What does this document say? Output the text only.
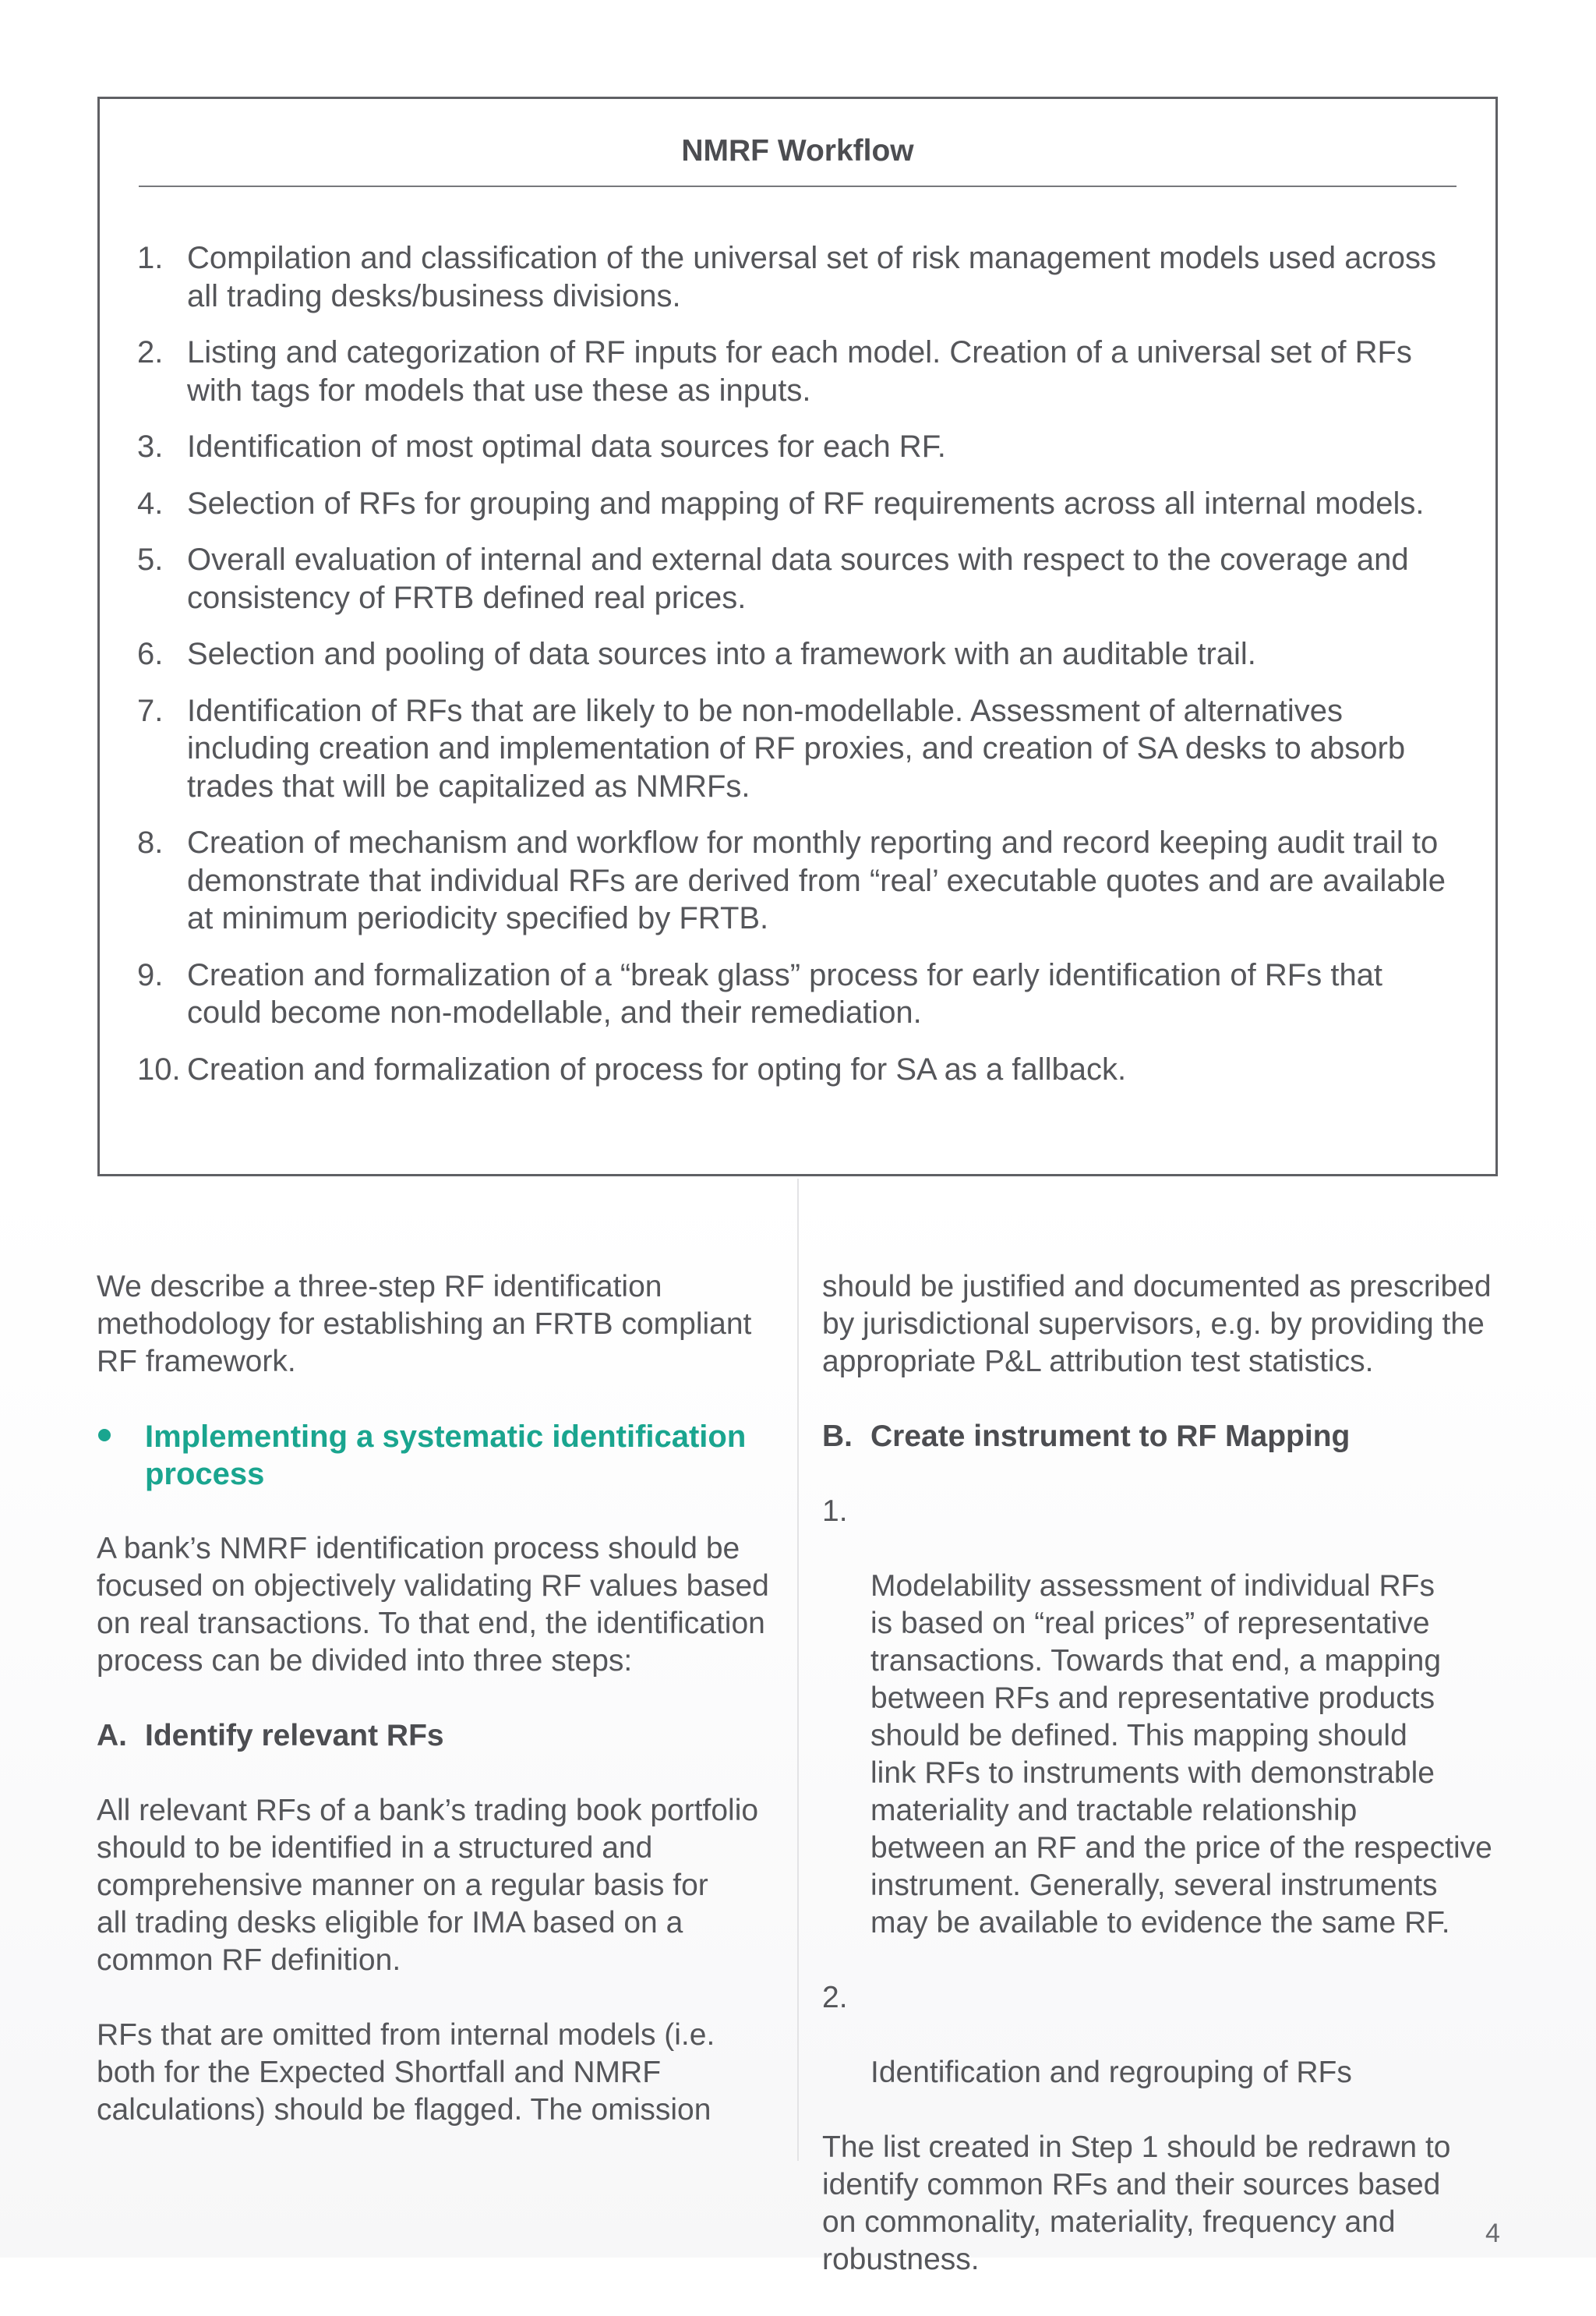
NMRF Workflow
1. Compilation and classification of the universal set of risk management models used across all trading desks/business divisions.
2. Listing and categorization of RF inputs for each model. Creation of a universal set of RFs with tags for models that use these as inputs.
3. Identification of most optimal data sources for each RF.
4. Selection of RFs for grouping and mapping of RF requirements across all internal models.
5. Overall evaluation of internal and external data sources with respect to the coverage and consistency of FRTB defined real prices.
6. Selection and pooling of data sources into a framework with an auditable trail.
7. Identification of RFs that are likely to be non-modellable. Assessment of alternatives including creation and implementation of RF proxies, and creation of SA desks to absorb trades that will be capitalized as NMRFs.
8. Creation of mechanism and workflow for monthly reporting and record keeping audit trail to demonstrate that individual RFs are derived from “real’ executable quotes and are available at minimum periodicity specified by FRTB.
9. Creation and formalization of a “break glass” process for early identification of RFs that could become non-modellable, and their remediation.
10. Creation and formalization of process for opting for SA as a fallback.

We describe a three-step RF identification
methodology for establishing an FRTB compliant
RF framework.

Implementing a systematic identification process

A bank’s NMRF identification process should be
focused on objectively validating RF values based
on real transactions. To that end, the identification
process can be divided into three steps:

A. Identify relevant RFs

All relevant RFs of a bank’s trading book portfolio
should to be identified in a structured and
comprehensive manner on a regular basis for
all trading desks eligible for IMA based on a
common RF definition.

RFs that are omitted from internal models (i.e.
both for the Expected Shortfall and NMRF
calculations) should be flagged. The omission

should be justified and documented as prescribed
by jurisdictional supervisors, e.g. by providing the
appropriate P&L attribution test statistics.

B. Create instrument to RF Mapping

1.

Modelability assessment of individual RFs
is based on “real prices” of representative
transactions. Towards that end, a mapping
between RFs and representative products
should be defined. This mapping should
link RFs to instruments with demonstrable
materiality and tractable relationship
between an RF and the price of the respective
instrument. Generally, several instruments
may be available to evidence the same RF.

2.

Identification and regrouping of RFs

The list created in Step 1 should be redrawn to
identify common RFs and their sources based
on commonality, materiality, frequency and
robustness.

4
